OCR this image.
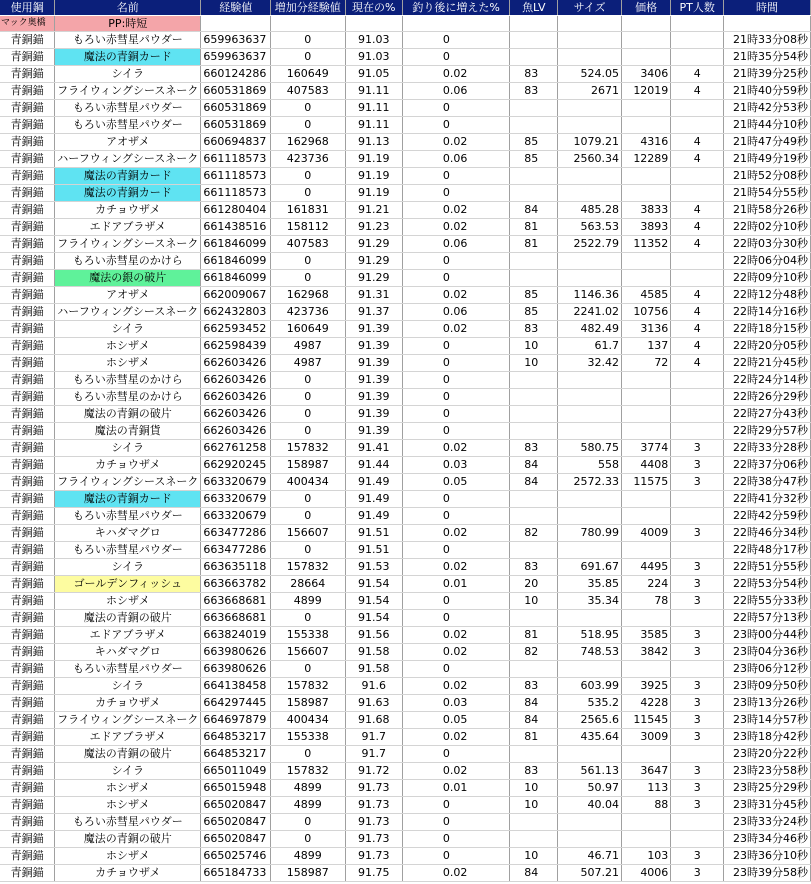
使用鋼	名前	経験値	増加分経験値	現在の%	釣り後に増えた%	魚LV	サイズ	価格	PT人数	時間
マック奥橋	PP:時短									
青銅錨	もろい赤彗星パウダー	659963637	0	91.03	0					21時33分08秒
青銅錨	魔法の青銅カード	659963637	0	91.03	0					21時35分54秒
青銅錨	シイラ	660124286	160649	91.05	0.02	83	524.05	3406	4	21時39分25秒
青銅錨	フライウィングシースネーク	660531869	407583	91.11	0.06	83	2671	12019	4	21時40分59秒
青銅錨	もろい赤彗星パウダー	660531869	0	91.11	0					21時42分53秒
青銅錨	もろい赤彗星パウダー	660531869	0	91.11	0					21時44分10秒
青銅錨	アオザメ	660694837	162968	91.13	0.02	85	1079.21	4316	4	21時47分49秒
青銅錨	ハーフウィングシースネーク	661118573	423736	91.19	0.06	85	2560.34	12289	4	21時49分19秒
青銅錨	魔法の青銅カード	661118573	0	91.19	0					21時52分08秒
青銅錨	魔法の青銅カード	661118573	0	91.19	0					21時54分55秒
青銅錨	カチョウザメ	661280404	161831	91.21	0.02	84	485.28	3833	4	21時58分26秒
青銅錨	エドアブラザメ	661438516	158112	91.23	0.02	81	563.53	3893	4	22時02分10秒
青銅錨	フライウィングシースネーク	661846099	407583	91.29	0.06	81	2522.79	11352	4	22時03分30秒
青銅錨	もろい赤彗星のかけら	661846099	0	91.29	0					22時06分04秒
青銅錨	魔法の銀の破片	661846099	0	91.29	0					22時09分10秒
青銅錨	アオザメ	662009067	162968	91.31	0.02	85	1146.36	4585	4	22時12分48秒
青銅錨	ハーフウィングシースネーク	662432803	423736	91.37	0.06	85	2241.02	10756	4	22時14分16秒
青銅錨	シイラ	662593452	160649	91.39	0.02	83	482.49	3136	4	22時18分15秒
青銅錨	ホシザメ	662598439	4987	91.39	0	10	61.7	137	4	22時20分05秒
青銅錨	ホシザメ	662603426	4987	91.39	0	10	32.42	72	4	22時21分45秒
青銅錨	もろい赤彗星のかけら	662603426	0	91.39	0					22時24分14秒
青銅錨	もろい赤彗星のかけら	662603426	0	91.39	0					22時26分29秒
青銅錨	魔法の青銅の破片	662603426	0	91.39	0					22時27分43秒
青銅錨	魔法の青銅貨	662603426	0	91.39	0					22時29分57秒
青銅錨	シイラ	662761258	157832	91.41	0.02	83	580.75	3774	3	22時33分28秒
青銅錨	カチョウザメ	662920245	158987	91.44	0.03	84	558	4408	3	22時37分06秒
青銅錨	フライウィングシースネーク	663320679	400434	91.49	0.05	84	2572.33	11575	3	22時38分47秒
青銅錨	魔法の青銅カード	663320679	0	91.49	0					22時41分32秒
青銅錨	もろい赤彗星パウダー	663320679	0	91.49	0					22時42分59秒
青銅錨	キハダマグロ	663477286	156607	91.51	0.02	82	780.99	4009	3	22時46分34秒
青銅錨	もろい赤彗星パウダー	663477286	0	91.51	0					22時48分17秒
青銅錨	シイラ	663635118	157832	91.53	0.02	83	691.67	4495	3	22時51分55秒
青銅錨	ゴールデンフィッシュ	663663782	28664	91.54	0.01	20	35.85	224	3	22時53分54秒
青銅錨	ホシザメ	663668681	4899	91.54	0	10	35.34	78	3	22時55分33秒
青銅錨	魔法の青銅の破片	663668681	0	91.54	0					22時57分13秒
青銅錨	エドアブラザメ	663824019	155338	91.56	0.02	81	518.95	3585	3	23時00分44秒
青銅錨	キハダマグロ	663980626	156607	91.58	0.02	82	748.53	3842	3	23時04分36秒
青銅錨	もろい赤彗星パウダー	663980626	0	91.58	0					23時06分12秒
青銅錨	シイラ	664138458	157832	91.6	0.02	83	603.99	3925	3	23時09分50秒
青銅錨	カチョウザメ	664297445	158987	91.63	0.03	84	535.2	4228	3	23時13分26秒
青銅錨	フライウィングシースネーク	664697879	400434	91.68	0.05	84	2565.6	11545	3	23時14分57秒
青銅錨	エドアブラザメ	664853217	155338	91.7	0.02	81	435.64	3009	3	23時18分42秒
青銅錨	魔法の青銅の破片	664853217	0	91.7	0					23時20分22秒
青銅錨	シイラ	665011049	157832	91.72	0.02	83	561.13	3647	3	23時23分58秒
青銅錨	ホシザメ	665015948	4899	91.73	0.01	10	50.97	113	3	23時25分29秒
青銅錨	ホシザメ	665020847	4899	91.73	0	10	40.04	88	3	23時31分45秒
青銅錨	もろい赤彗星パウダー	665020847	0	91.73	0					23時33分24秒
青銅錨	魔法の青銅の破片	665020847	0	91.73	0					23時34分46秒
青銅錨	ホシザメ	665025746	4899	91.73	0	10	46.71	103	3	23時36分10秒
青銅錨	カチョウザメ	665184733	158987	91.75	0.02	84	507.21	4006	3	23時39分58秒
